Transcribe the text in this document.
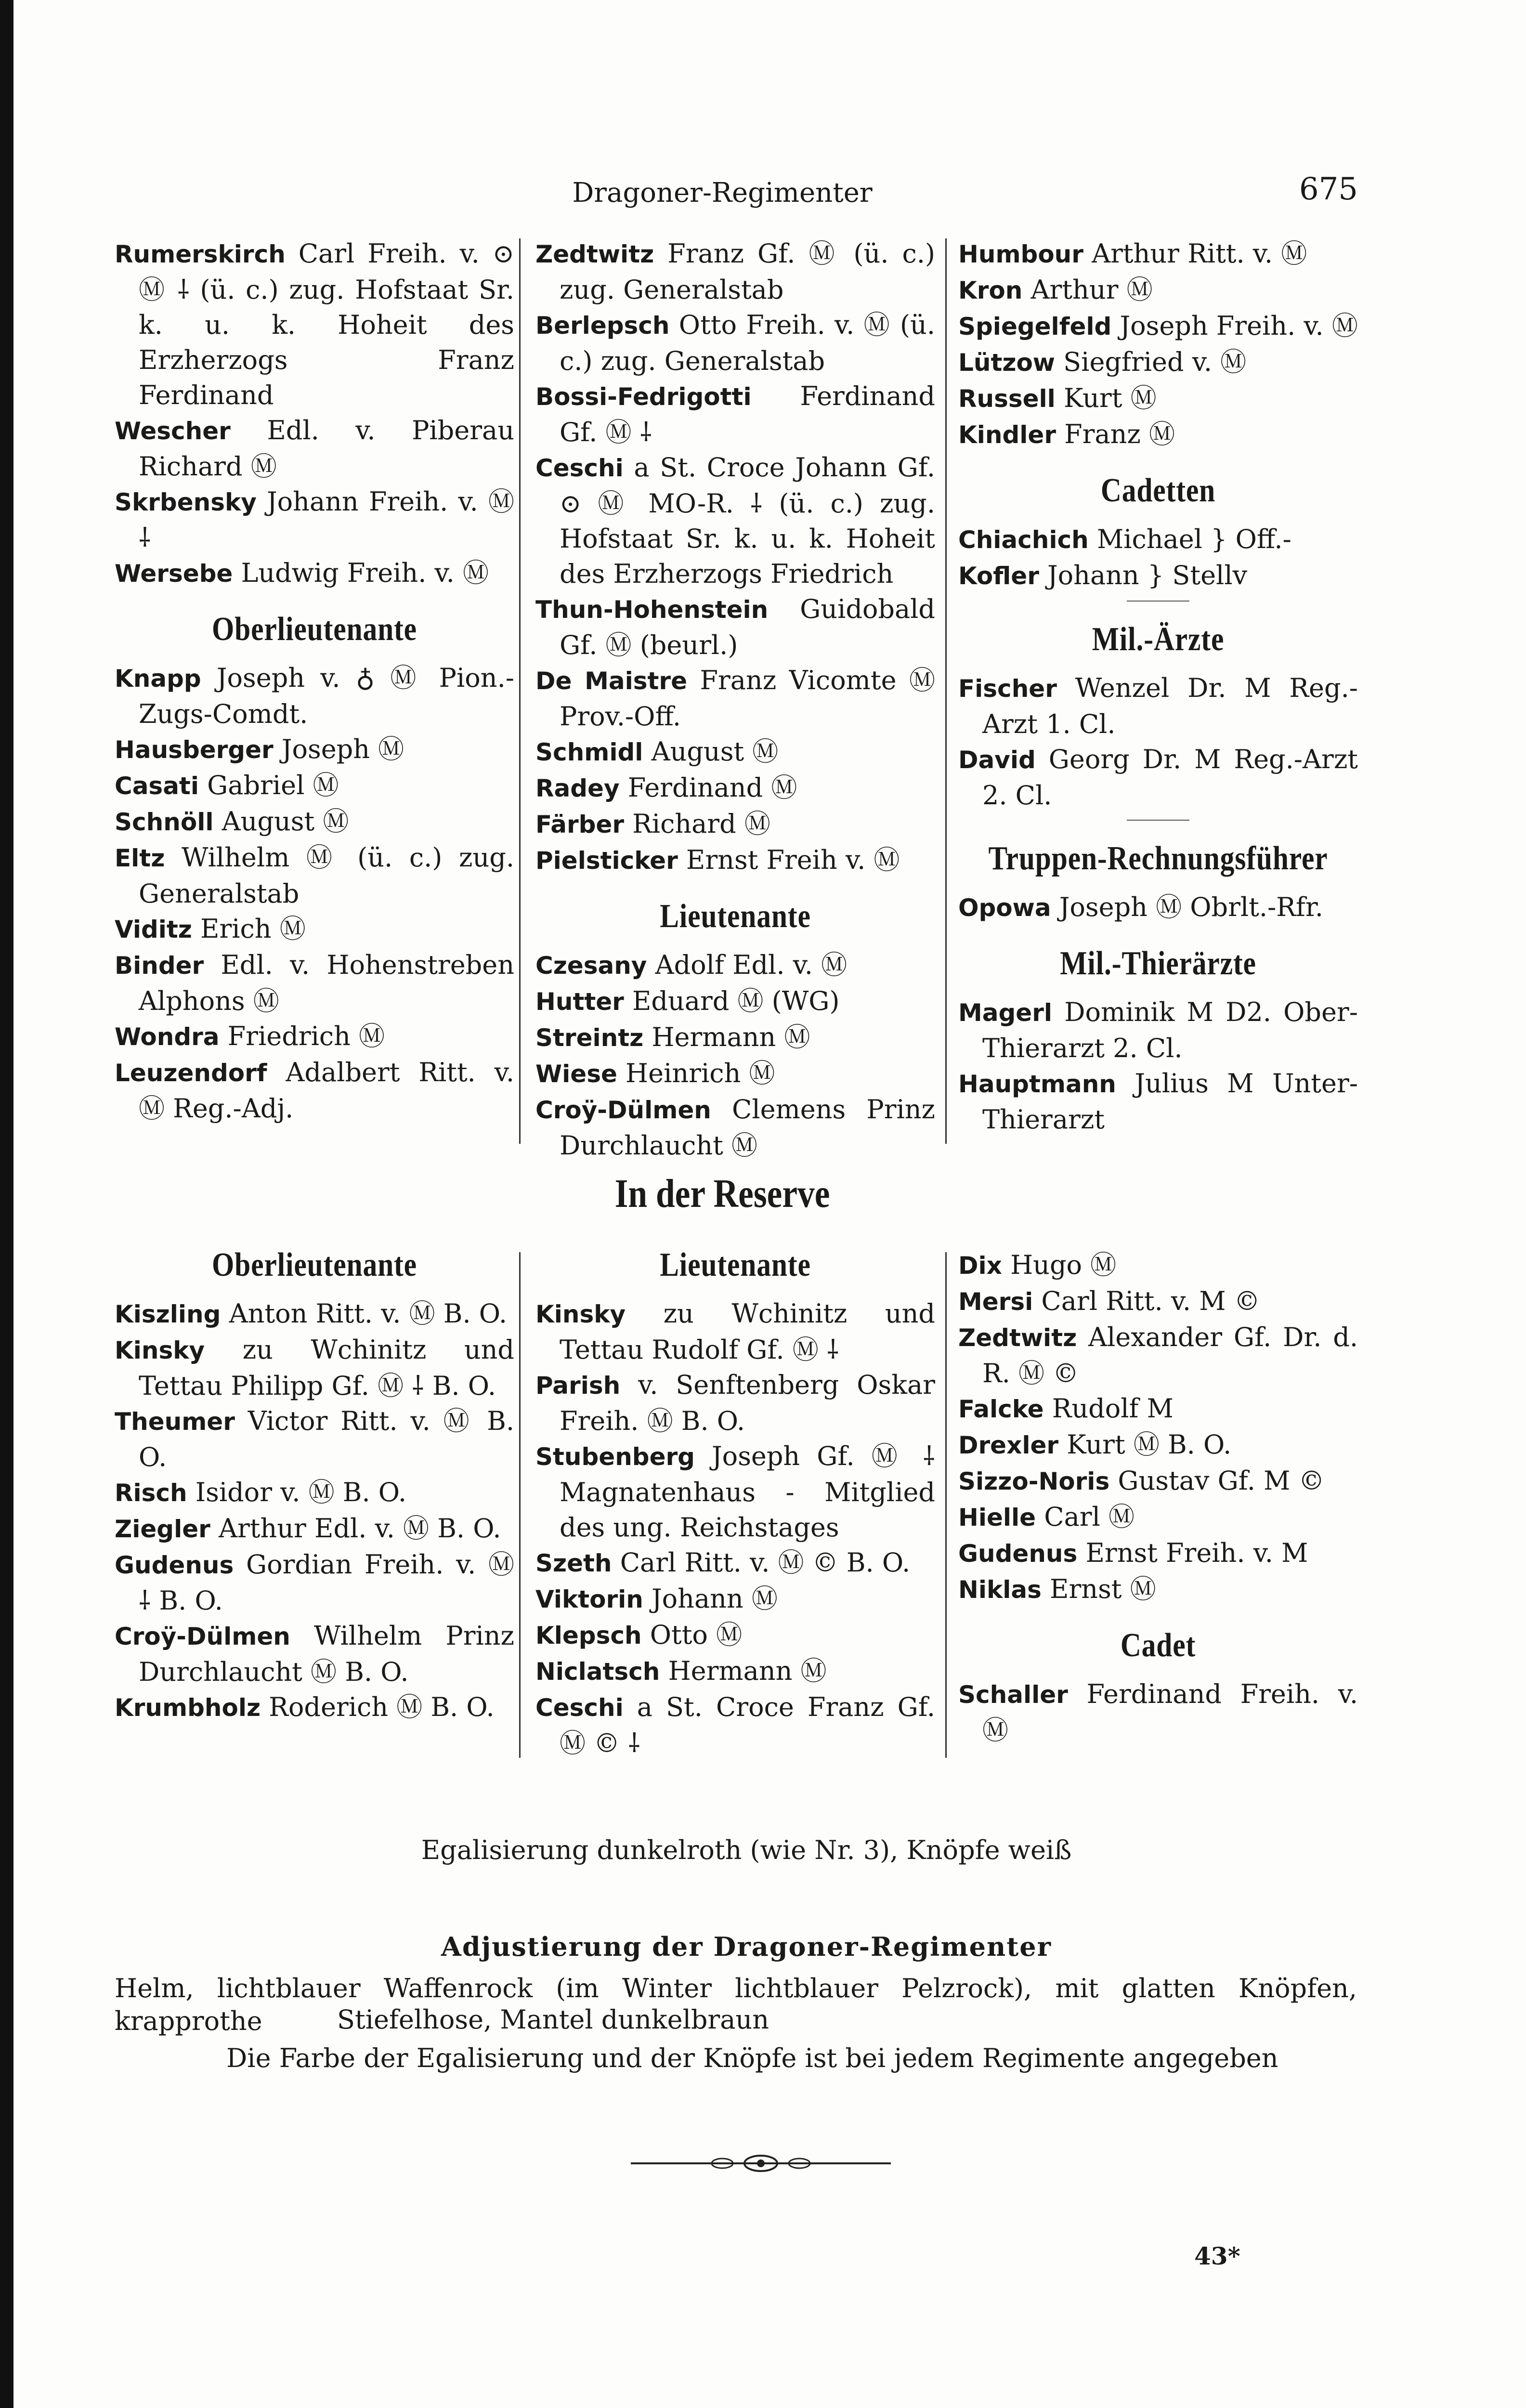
Dragoner-Regimenter	675
Rumerskirch Carl Freih. v. ⊙ Ⓜ ⸸ (ü. c.) zug. Hofstaat Sr. k. u. k. Hoheit des Erzherzogs Franz Ferdinand
Wescher Edl. v. Piberau Richard Ⓜ
Skrbensky Johann Freih. v. Ⓜ ⸸
Wersebe Ludwig Freih. v. Ⓜ
Oberlieutenante
Knapp Joseph v. ♁ Ⓜ Pion.-Zugs-Comdt.
Hausberger Joseph Ⓜ
Casati Gabriel Ⓜ
Schnöll August Ⓜ
Eltz Wilhelm Ⓜ (ü. c.) zug. Generalstab
Viditz Erich Ⓜ
Binder Edl. v. Hohenstreben Alphons Ⓜ
Wondra Friedrich Ⓜ
Leuzendorf Adalbert Ritt. v. Ⓜ Reg.-Adj.
Zedtwitz Franz Gf. Ⓜ (ü. c.) zug. Generalstab
Berlepsch Otto Freih. v. Ⓜ (ü. c.) zug. Generalstab
Bossi-Fedrigotti Ferdinand Gf. Ⓜ ⸸
Ceschi a St. Croce Johann Gf. ⊙ Ⓜ MO-R. ⸸ (ü. c.) zug. Hofstaat Sr. k. u. k. Hoheit des Erzherzogs Friedrich
Thun-Hohenstein Guidobald Gf. Ⓜ (beurl.)
De Maistre Franz Vicomte Ⓜ Prov.-Off.
Schmidl August Ⓜ
Radey Ferdinand Ⓜ
Färber Richard Ⓜ
Pielsticker Ernst Freih v. Ⓜ
Lieutenante
Czesany Adolf Edl. v. Ⓜ
Hutter Eduard Ⓜ (WG)
Streintz Hermann Ⓜ
Wiese Heinrich Ⓜ
Croÿ-Dülmen Clemens Prinz Durchlaucht Ⓜ
Humbour Arthur Ritt. v. Ⓜ
Kron Arthur Ⓜ
Spiegelfeld Joseph Freih. v. Ⓜ
Lützow Siegfried v. Ⓜ
Russell Kurt Ⓜ
Kindler Franz Ⓜ
Cadetten
Chiachich Michael } Off.-
Kofler Johann } Stellv
Mil.-Ärzte
Fischer Wenzel Dr. M Reg.-Arzt 1. Cl.
David Georg Dr. M Reg.-Arzt 2. Cl.
Truppen-Rechnungsführer
Opowa Joseph Ⓜ Obrlt.-Rfr.
Mil.-Thierärzte
Magerl Dominik M D2. Ober-Thierarzt 2. Cl.
Hauptmann Julius M Unter-Thierarzt
In der Reserve
Oberlieutenante
Kiszling Anton Ritt. v. Ⓜ B. O.
Kinsky zu Wchinitz und Tettau Philipp Gf. Ⓜ ⸸ B. O.
Theumer Victor Ritt. v. Ⓜ B. O.
Risch Isidor v. Ⓜ B. O.
Ziegler Arthur Edl. v. Ⓜ B. O.
Gudenus Gordian Freih. v. Ⓜ ⸸ B. O.
Croÿ-Dülmen Wilhelm Prinz Durchlaucht Ⓜ B. O.
Krumbholz Roderich Ⓜ B. O.
Lieutenante
Kinsky zu Wchinitz und Tettau Rudolf Gf. Ⓜ ⸸
Parish v. Senftenberg Oskar Freih. Ⓜ B. O.
Stubenberg Joseph Gf. Ⓜ ⸸ Magnatenhaus - Mitglied des ung. Reichstages
Szeth Carl Ritt. v. Ⓜ © B. O.
Viktorin Johann Ⓜ
Klepsch Otto Ⓜ
Niclatsch Hermann Ⓜ
Ceschi a St. Croce Franz Gf. Ⓜ © ⸸
Dix Hugo Ⓜ
Mersi Carl Ritt. v. M ©
Zedtwitz Alexander Gf. Dr. d. R. Ⓜ ©
Falcke Rudolf M
Drexler Kurt Ⓜ B. O.
Sizzo-Noris Gustav Gf. M ©
Hielle Carl Ⓜ
Gudenus Ernst Freih. v. M
Niklas Ernst Ⓜ
Cadet
Schaller Ferdinand Freih. v. Ⓜ
Egalisierung dunkelroth (wie Nr. 3), Knöpfe weiß
Adjustierung der Dragoner-Regimenter
Helm, lichtblauer Waffenrock (im Winter lichtblauer Pelzrock), mit glatten Knöpfen, krapprothe	Stiefelhose, Mantel dunkelbraun
Die Farbe der Egalisierung und der Knöpfe ist bei jedem Regimente angegeben
43*
